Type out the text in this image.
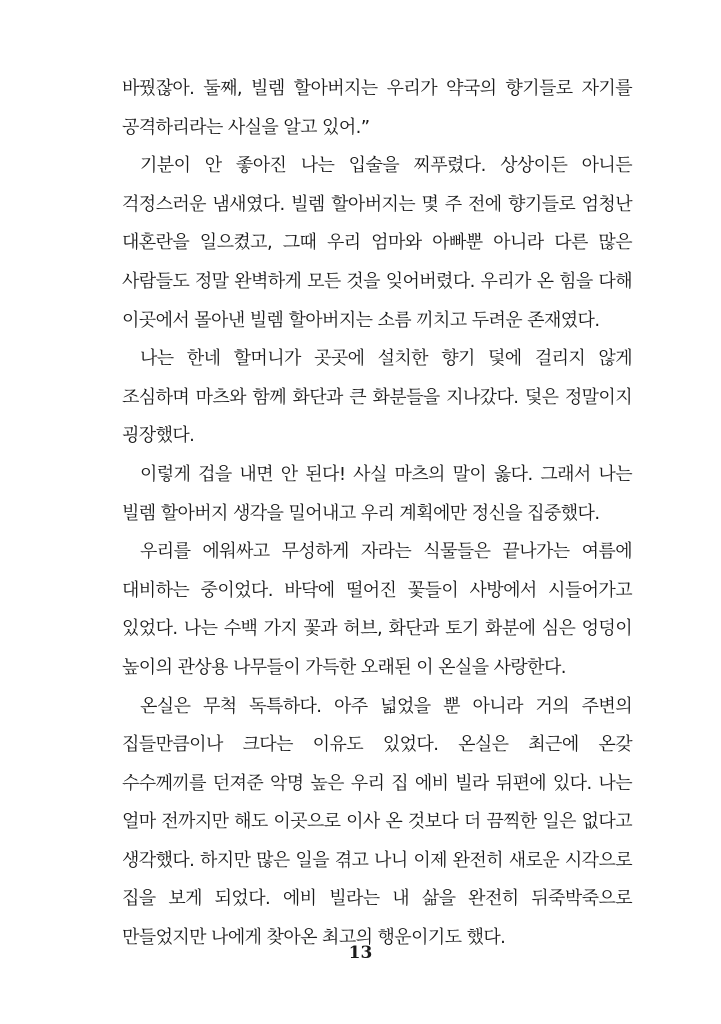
바꿨잖아. 둘째, 빌렘 할아버지는 우리가 약국의 향기들로 자기를 공격하리라는 사실을 알고 있어.”

기분이 안 좋아진 나는 입술을 찌푸렸다. 상상이든 아니든 걱정스러운 냄새였다. 빌렘 할아버지는 몇 주 전에 향기들로 엄청난 대혼란을 일으켰고, 그때 우리 엄마와 아빠뿐 아니라 다른 많은 사람들도 정말 완벽하게 모든 것을 잊어버렸다. 우리가 온 힘을 다해 이곳에서 몰아낸 빌렘 할아버지는 소름 끼치고 두려운 존재였다.

나는 한네 할머니가 곳곳에 설치한 향기 덫에 걸리지 않게 조심하며 마츠와 함께 화단과 큰 화분들을 지나갔다. 덫은 정말이지 굉장했다.

이렇게 겁을 내면 안 된다! 사실 마츠의 말이 옳다. 그래서 나는 빌렘 할아버지 생각을 밀어내고 우리 계획에만 정신을 집중했다.

우리를 에워싸고 무성하게 자라는 식물들은 끝나가는 여름에 대비하는 중이었다. 바닥에 떨어진 꽃들이 사방에서 시들어가고 있었다. 나는 수백 가지 꽃과 허브, 화단과 토기 화분에 심은 엉덩이 높이의 관상용 나무들이 가득한 오래된 이 온실을 사랑한다.

온실은 무척 독특하다. 아주 넓었을 뿐 아니라 거의 주변의 집들만큼이나 크다는 이유도 있었다. 온실은 최근에 온갖 수수께끼를 던져준 악명 높은 우리 집 에비 빌라 뒤편에 있다. 나는 얼마 전까지만 해도 이곳으로 이사 온 것보다 더 끔찍한 일은 없다고 생각했다. 하지만 많은 일을 겪고 나니 이제 완전히 새로운 시각으로 집을 보게 되었다. 에비 빌라는 내 삶을 완전히 뒤죽박죽으로 만들었지만 나에게 찾아온 최고의 행운이기도 했다.

13
